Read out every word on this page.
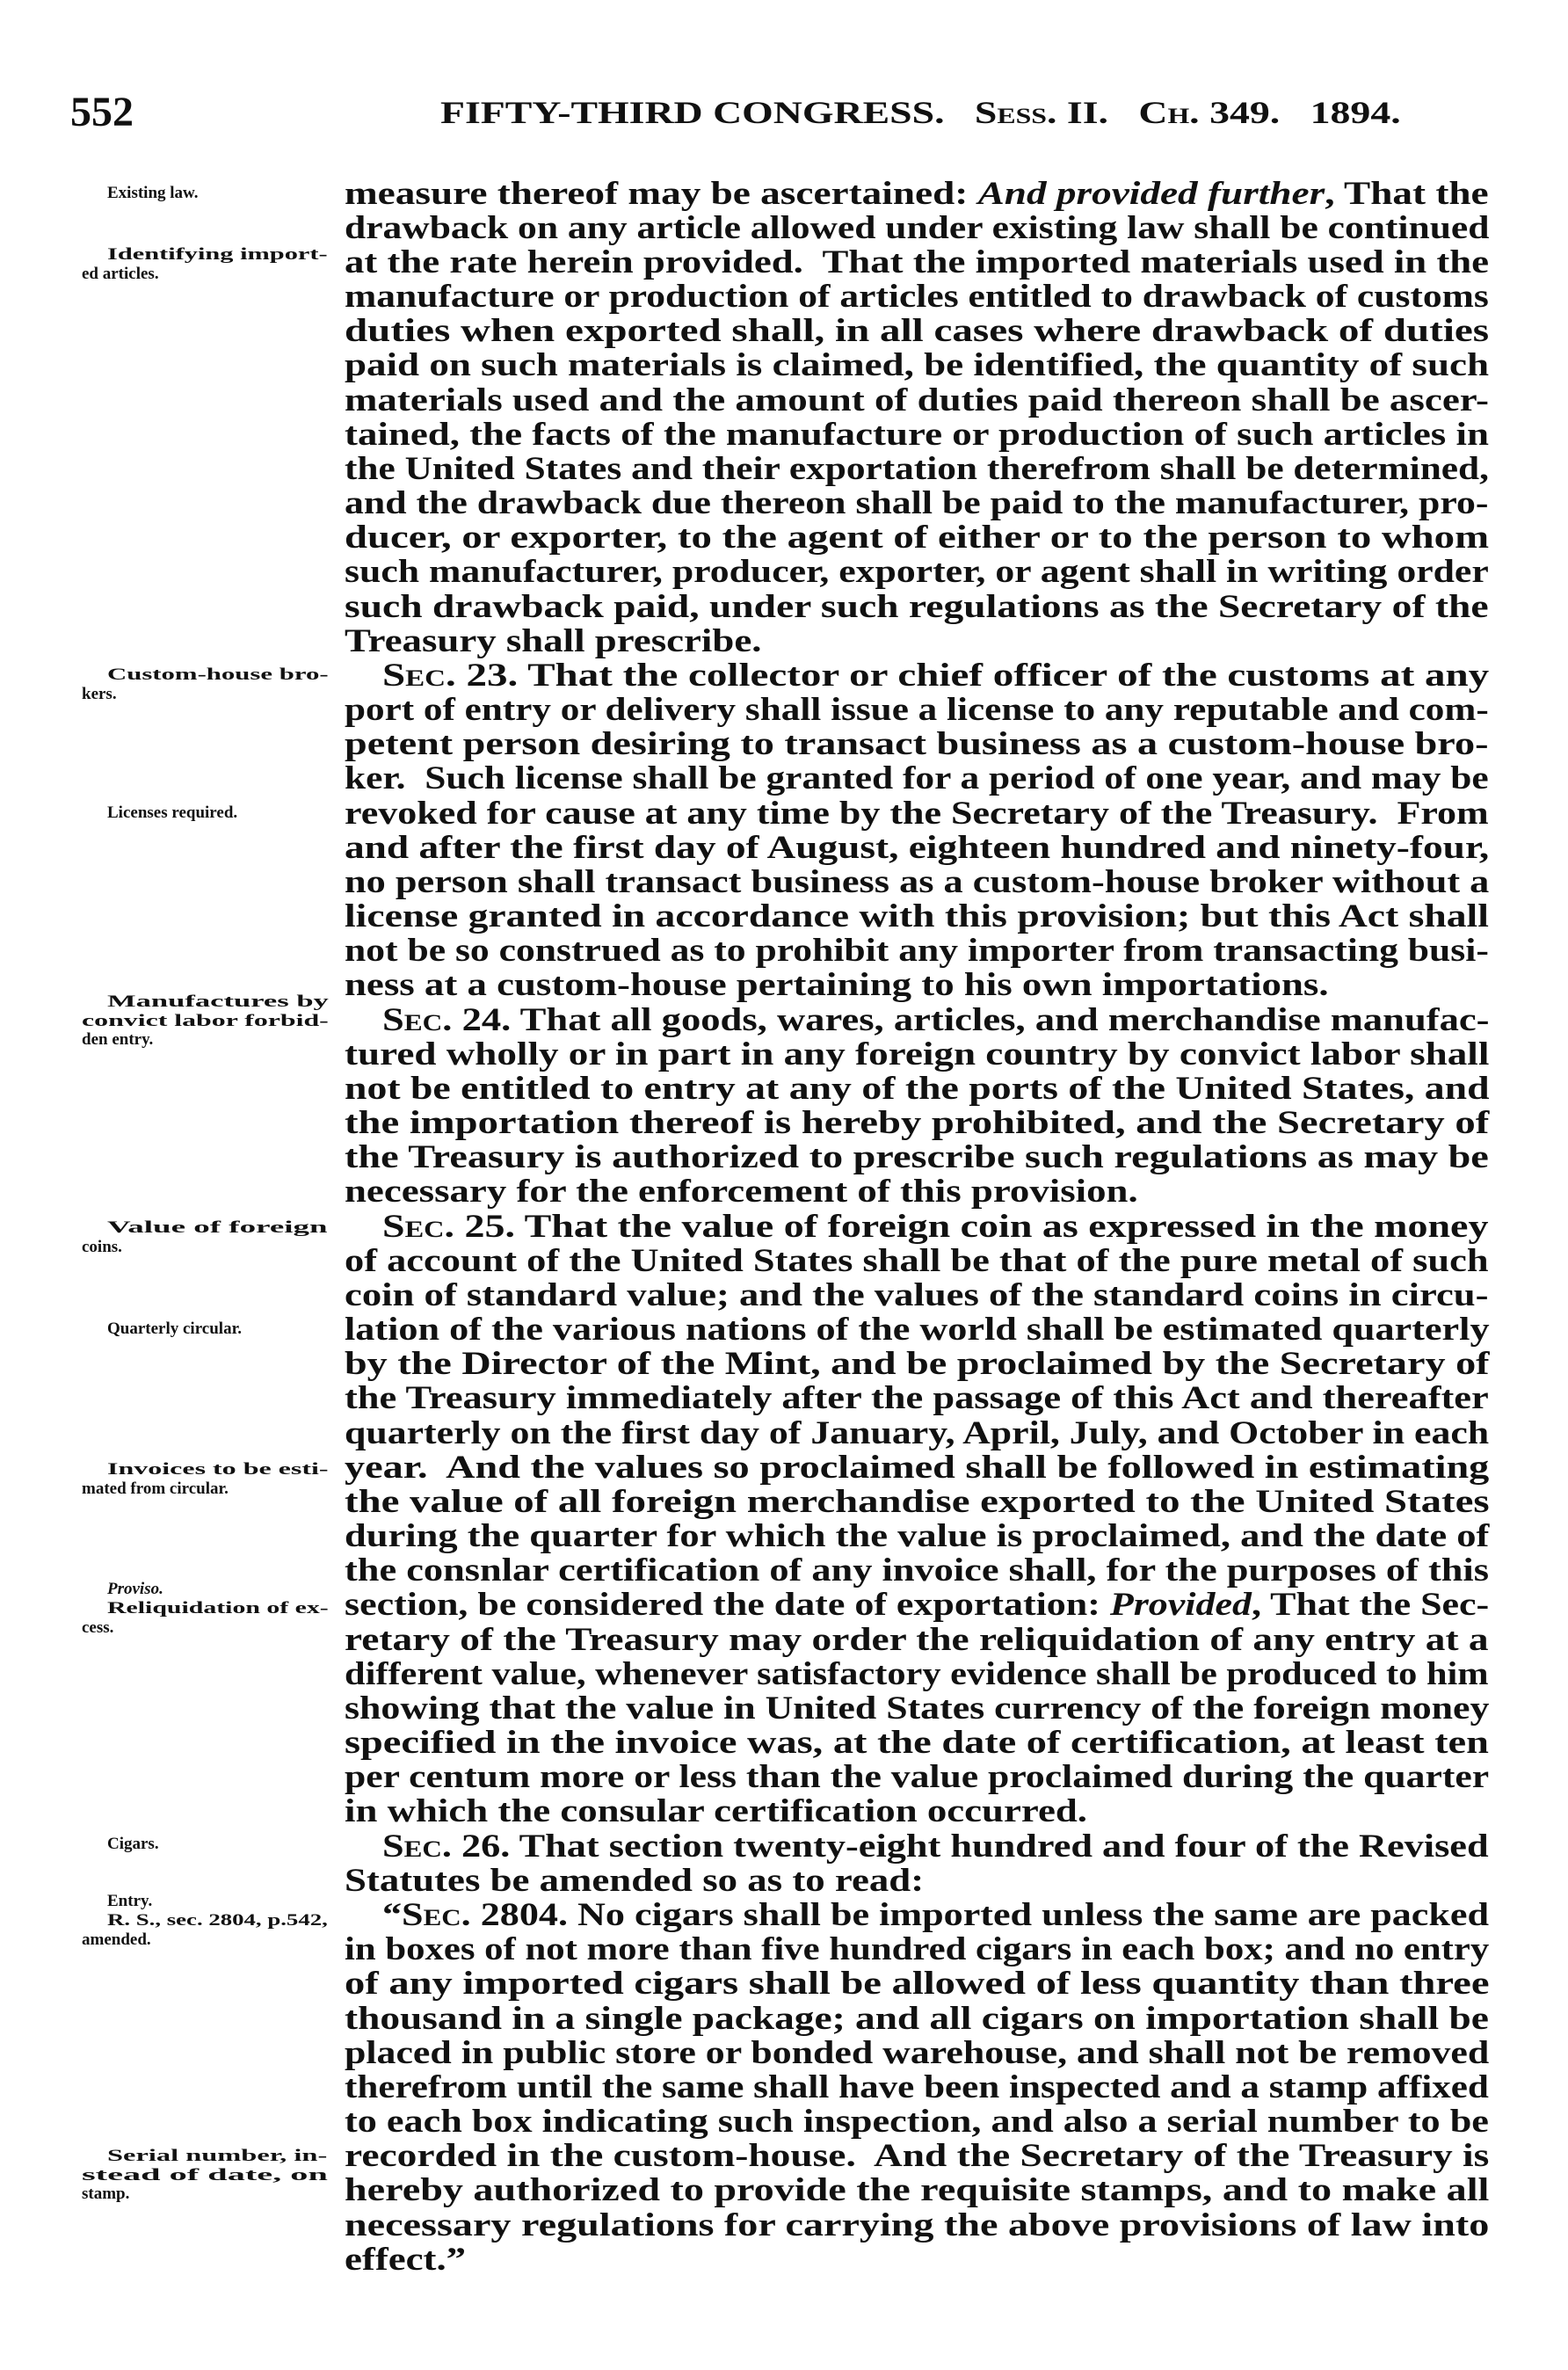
552	FIFTY-THIRD CONGRESS. Sess. II. Ch. 349. 1894.
Existing law.
Identifying import-
ed articles.
Custom-house bro-
kers.
Licenses required.
Manufactures by
convict labor forbid-
den entry.
Value of foreign
coins.
Quarterly circular.
Invoices to be esti-
mated from circular.
Proviso.
Reliquidation of ex-
cess.
Cigars.
Entry.
R. S., sec. 2804, p.542,
amended.
Serial number, in-
stead of date, on
stamp.
measure thereof may be ascertained: And provided further, That the
drawback on any article allowed under existing law shall be continued
at the rate herein provided.  That the imported materials used in the
manufacture or production of articles entitled to drawback of customs
duties when exported shall, in all cases where drawback of duties
paid on such materials is claimed, be identified, the quantity of such
materials used and the amount of duties paid thereon shall be ascer-
tained, the facts of the manufacture or production of such articles in
the United States and their exportation therefrom shall be determined,
and the drawback due thereon shall be paid to the manufacturer, pro-
ducer, or exporter, to the agent of either or to the person to whom
such manufacturer, producer, exporter, or agent shall in writing order
such drawback paid, under such regulations as the Secretary of the
Treasury shall prescribe.
Sec. 23. That the collector or chief officer of the customs at any
port of entry or delivery shall issue a license to any reputable and com-
petent person desiring to transact business as a custom-house bro-
ker.  Such license shall be granted for a period of one year, and may be
revoked for cause at any time by the Secretary of the Treasury.  From
and after the first day of August, eighteen hundred and ninety-four,
no person shall transact business as a custom-house broker without a
license granted in accordance with this provision; but this Act shall
not be so construed as to prohibit any importer from transacting busi-
ness at a custom-house pertaining to his own importations.
Sec. 24. That all goods, wares, articles, and merchandise manufac-
tured wholly or in part in any foreign country by convict labor shall
not be entitled to entry at any of the ports of the United States, and
the importation thereof is hereby prohibited, and the Secretary of
the Treasury is authorized to prescribe such regulations as may be
necessary for the enforcement of this provision.
Sec. 25. That the value of foreign coin as expressed in the money
of account of the United States shall be that of the pure metal of such
coin of standard value; and the values of the standard coins in circu-
lation of the various nations of the world shall be estimated quarterly
by the Director of the Mint, and be proclaimed by the Secretary of
the Treasury immediately after the passage of this Act and thereafter
quarterly on the first day of January, April, July, and October in each
year.  And the values so proclaimed shall be followed in estimating
the value of all foreign merchandise exported to the United States
during the quarter for which the value is proclaimed, and the date of
the consnlar certification of any invoice shall, for the purposes of this
section, be considered the date of exportation: Provided, That the Sec-
retary of the Treasury may order the reliquidation of any entry at a
different value, whenever satisfactory evidence shall be produced to him
showing that the value in United States currency of the foreign money
specified in the invoice was, at the date of certification, at least ten
per centum more or less than the value proclaimed during the quarter
in which the consular certification occurred.
Sec. 26. That section twenty-eight hundred and four of the Revised
Statutes be amended so as to read:
“Sec. 2804. No cigars shall be imported unless the same are packed
in boxes of not more than five hundred cigars in each box; and no entry
of any imported cigars shall be allowed of less quantity than three
thousand in a single package; and all cigars on importation shall be
placed in public store or bonded warehouse, and shall not be removed
therefrom until the same shall have been inspected and a stamp affixed
to each box indicating such inspection, and also a serial number to be
recorded in the custom-house.  And the Secretary of the Treasury is
hereby authorized to provide the requisite stamps, and to make all
necessary regulations for carrying the above provisions of law into
effect.”
